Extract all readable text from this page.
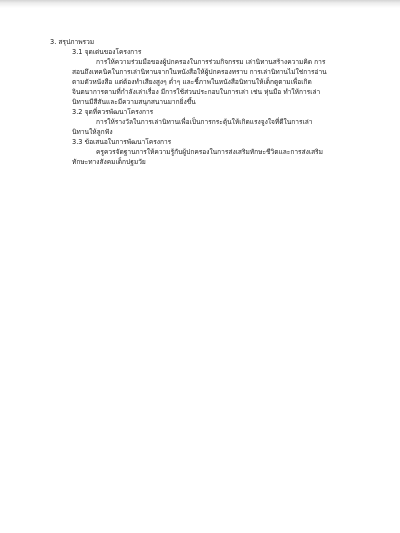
3. สรุปภาพรวม
3.1 จุดเด่นของโครงการ
การให้ความร่วมมือของผู้ปกครองในการร่วมกิจกรรม เล่านิทานสร้างความคิด การ
สอนถึงเทคนิคในการเล่านิทานจากในหนังสือให้ผู้ปกครองทราบ การเล่านิทานไม่ใช่การอ่าน
ตามตัวหนังสือ แต่ต้องทำเสียงสูงๆ ต่ำๆ และชี้ภาพในหนังสือนิทานให้เด็กดูตามเพื่อเกิด
จินตนาการตามที่กำลังเล่าเรื่อง มีการใช้ส่วนประกอบในการเล่า เช่น หุ่นมือ ทำให้การเล่า
นิทานมีสีสันและมีความสนุกสนานมากยิ่งขึ้น
3.2 จุดที่ควรพัฒนาโครงการ
การให้รางวัลในการเล่านิทานเพื่อเป็นการกระตุ้นให้เกิดแรงจูงใจที่ดีในการเล่า
นิทานให้ลูกฟัง
3.3 ข้อเสนอในการพัฒนาโครงการ
ครูควรจัดฐานการให้ความรู้กับผู้ปกครองในการส่งเสริมทักษะชีวิตและการส่งเสริม
ทักษะทางสังคมเด็กปฐมวัย
